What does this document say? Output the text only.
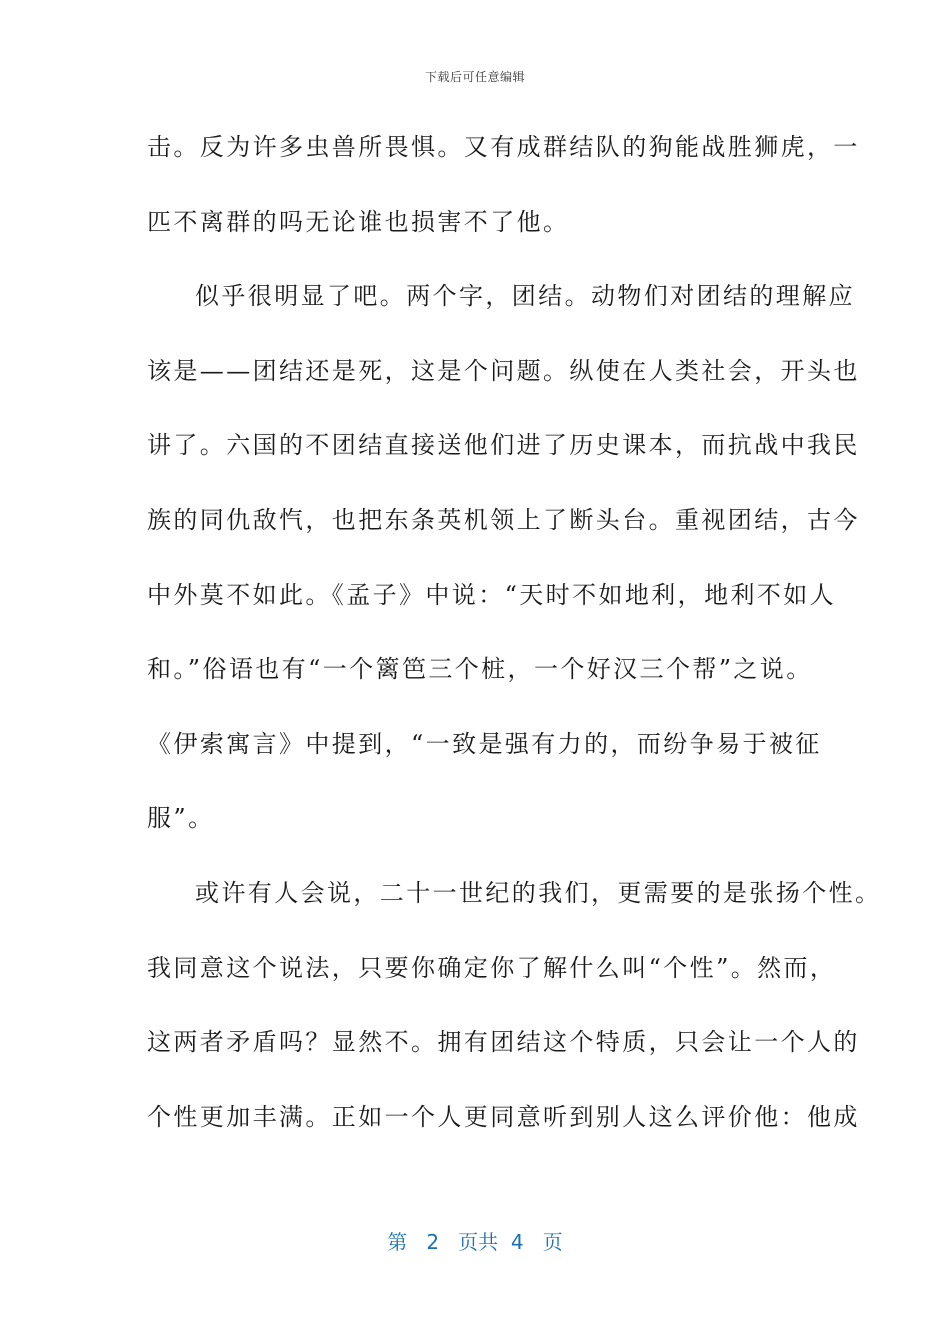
下载后可任意编辑
击。反为许多虫兽所畏惧。又有成群结队的狗能战胜狮虎，一
匹不离群的吗无论谁也损害不了他。
似乎很明显了吧。两个字，团结。动物们对团结的理解应
该是——团结还是死，这是个问题。纵使在人类社会，开头也
讲了。六国的不团结直接送他们进了历史课本，而抗战中我民
族的同仇敌忾，也把东条英机领上了断头台。重视团结，古今
中外莫不如此。《孟子》中说：“天时不如地利，地利不如人
和。”俗语也有“一个篱笆三个桩，一个好汉三个帮”之说。
《伊索寓言》中提到，“一致是强有力的，而纷争易于被征
服”。
或许有人会说，二十一世纪的我们，更需要的是张扬个性。
我同意这个说法，只要你确定你了解什么叫“个性”。然而，
这两者矛盾吗？显然不。拥有团结这个特质，只会让一个人的
个性更加丰满。正如一个人更同意听到别人这么评价他：他成
第 2 页共 4 页
